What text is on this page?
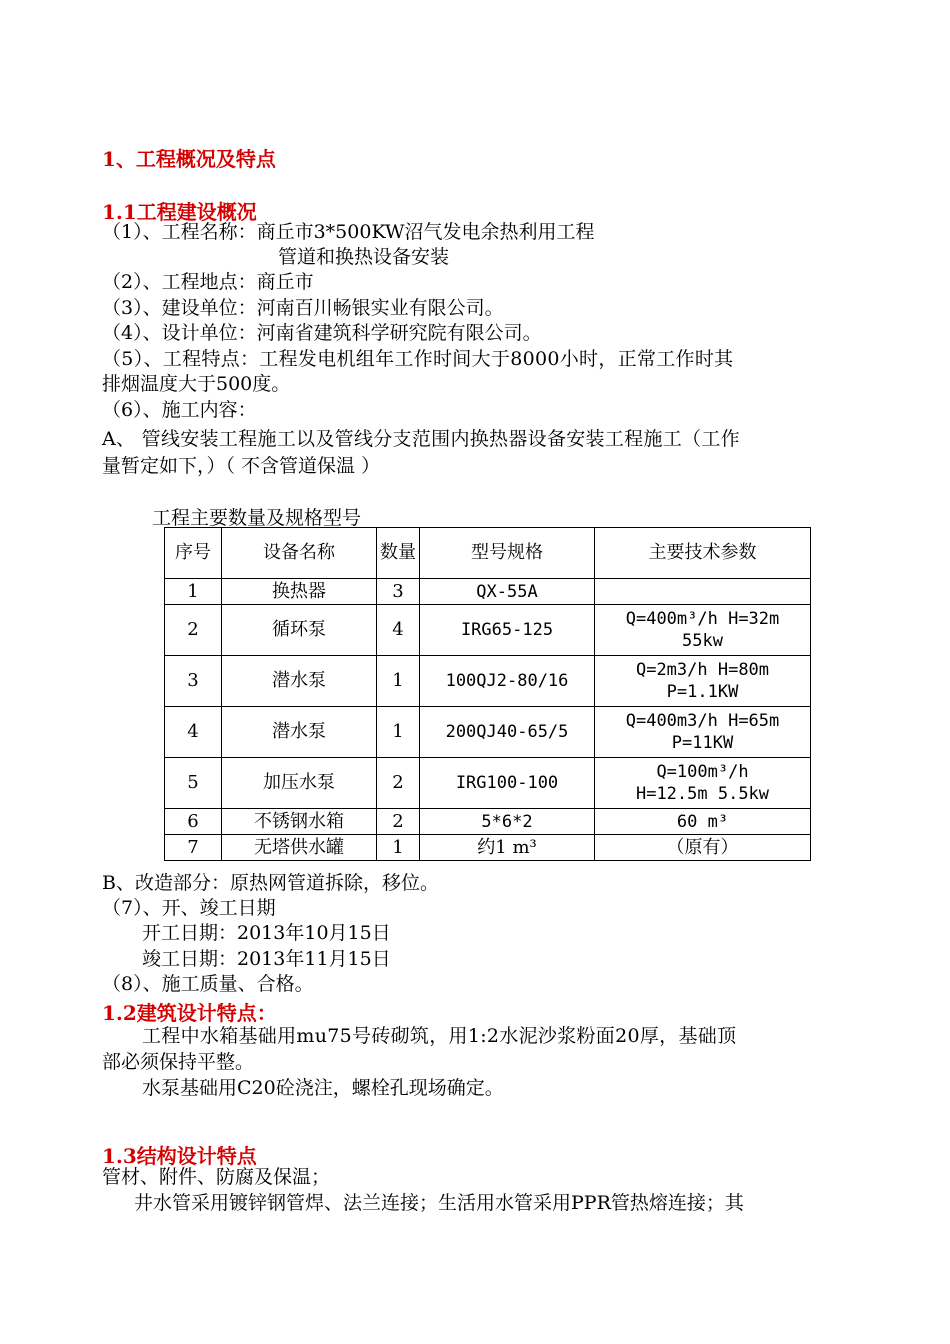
1、工程概况及特点
1.1工程建设概况
（1）、工程名称：商丘市3*500KW沼气发电余热利用工程
管道和换热设备安装
（2）、工程地点：商丘市
（3）、建设单位：河南百川畅银实业有限公司。
（4）、设计单位：河南省建筑科学研究院有限公司。
（5）、工程特点：工程发电机组年工作时间大于8000小时，正常工作时其
排烟温度大于500度。
（6）、施工内容：
A、 管线安装工程施工以及管线分支范围内换热器设备安装工程施工（工作
量暂定如下，）（ 不含管道保温 ）
工程主要数量及规格型号
序号	设备名称	数量	型号规格	主要技术参数
1	换热器	3	QX-55A	
2	循环泵	4	IRG65-125	Q=400m³/h H=32m
55kw

3	潜水泵	1	100QJ2-80/16	Q=2m3/h H=80m
P=1.1KW

4	潜水泵	1	200QJ40-65/5	Q=400m3/h H=65m
P=11KW

5	加压水泵	2	IRG100-100	Q=100m³/h
H=12.5m 5.5kw

6	不锈钢水箱	2	5*6*2	60 m³
7	无塔供水罐	1	约1 m³	（原有）
B、改造部分：原热网管道拆除，移位。
（7）、开、竣工日期
开工日期：2013年10月15日
竣工日期：2013年11月15日
（8）、施工质量、合格。
1.2建筑设计特点：
工程中水箱基础用mu75号砖砌筑，用1:2水泥沙浆粉面20厚，基础顶
部必须保持平整。
水泵基础用C20砼浇注，螺栓孔现场确定。
1.3结构设计特点
管材、附件、防腐及保温；
井水管采用镀锌钢管焊、法兰连接；生活用水管采用PPR管热熔连接；其
